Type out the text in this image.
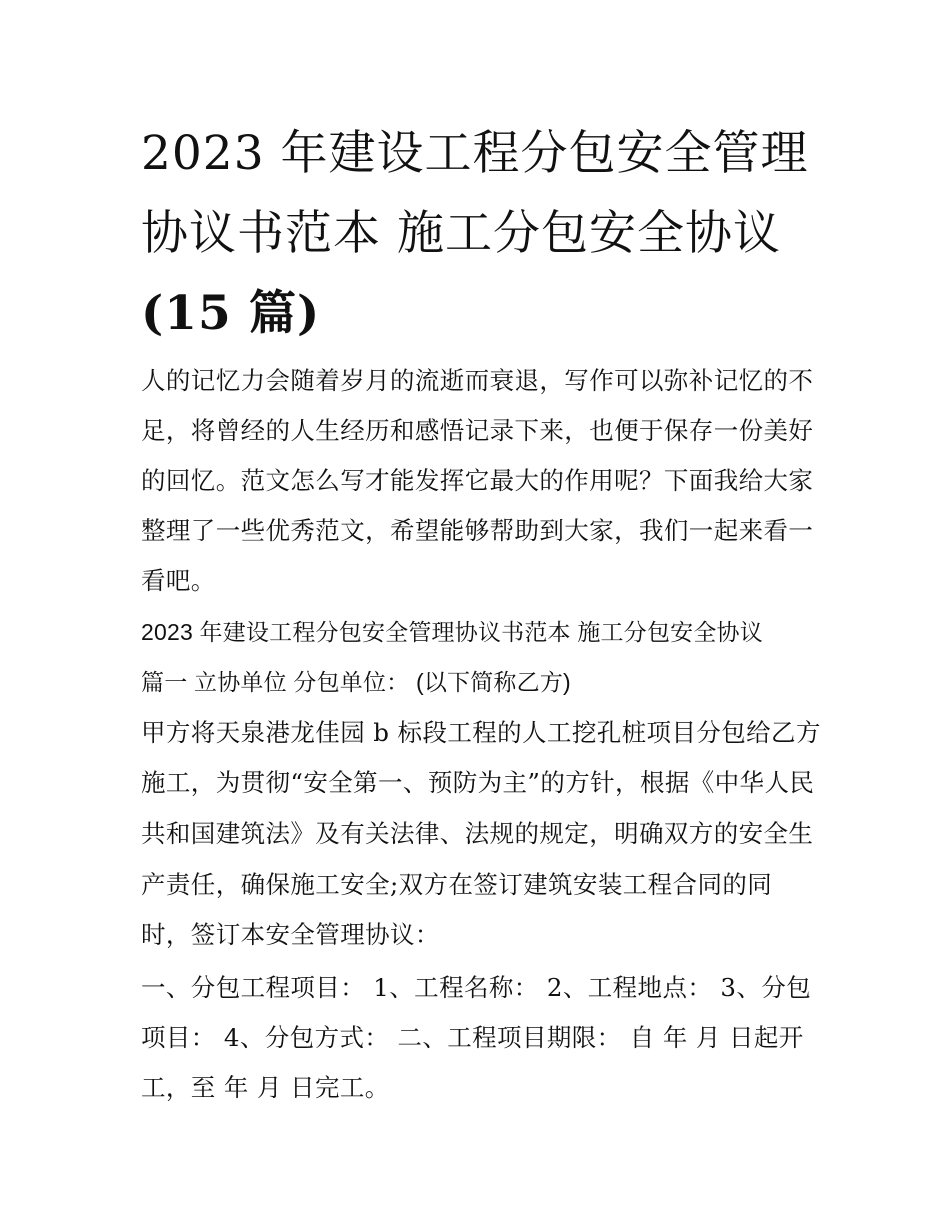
2023 年建设工程分包安全管理
协议书范本 施工分包安全协议
(15 篇)

人的记忆力会随着岁月的流逝而衰退，写作可以弥补记忆的不

足，将曾经的人生经历和感悟记录下来，也便于保存一份美好

的回忆。范文怎么写才能发挥它最大的作用呢？下面我给大家

整理了一些优秀范文，希望能够帮助到大家，我们一起来看一

看吧。

2023 年建设工程分包安全管理协议书范本 施工分包安全协议

篇一 立协单位 分包单位： (以下简称乙方)

甲方将天泉港龙佳园 b 标段工程的人工挖孔桩项目分包给乙方

施工，为贯彻“安全第一、预防为主”的方针，根据《中华人民

共和国建筑法》及有关法律、法规的规定，明确双方的安全生

产责任，确保施工安全;双方在签订建筑安装工程合同的同

时，签订本安全管理协议：

一、分包工程项目： 1、工程名称： 2、工程地点： 3、分包

项目： 4、分包方式： 二、工程项目期限： 自 年 月 日起开

工，至 年 月 日完工。
